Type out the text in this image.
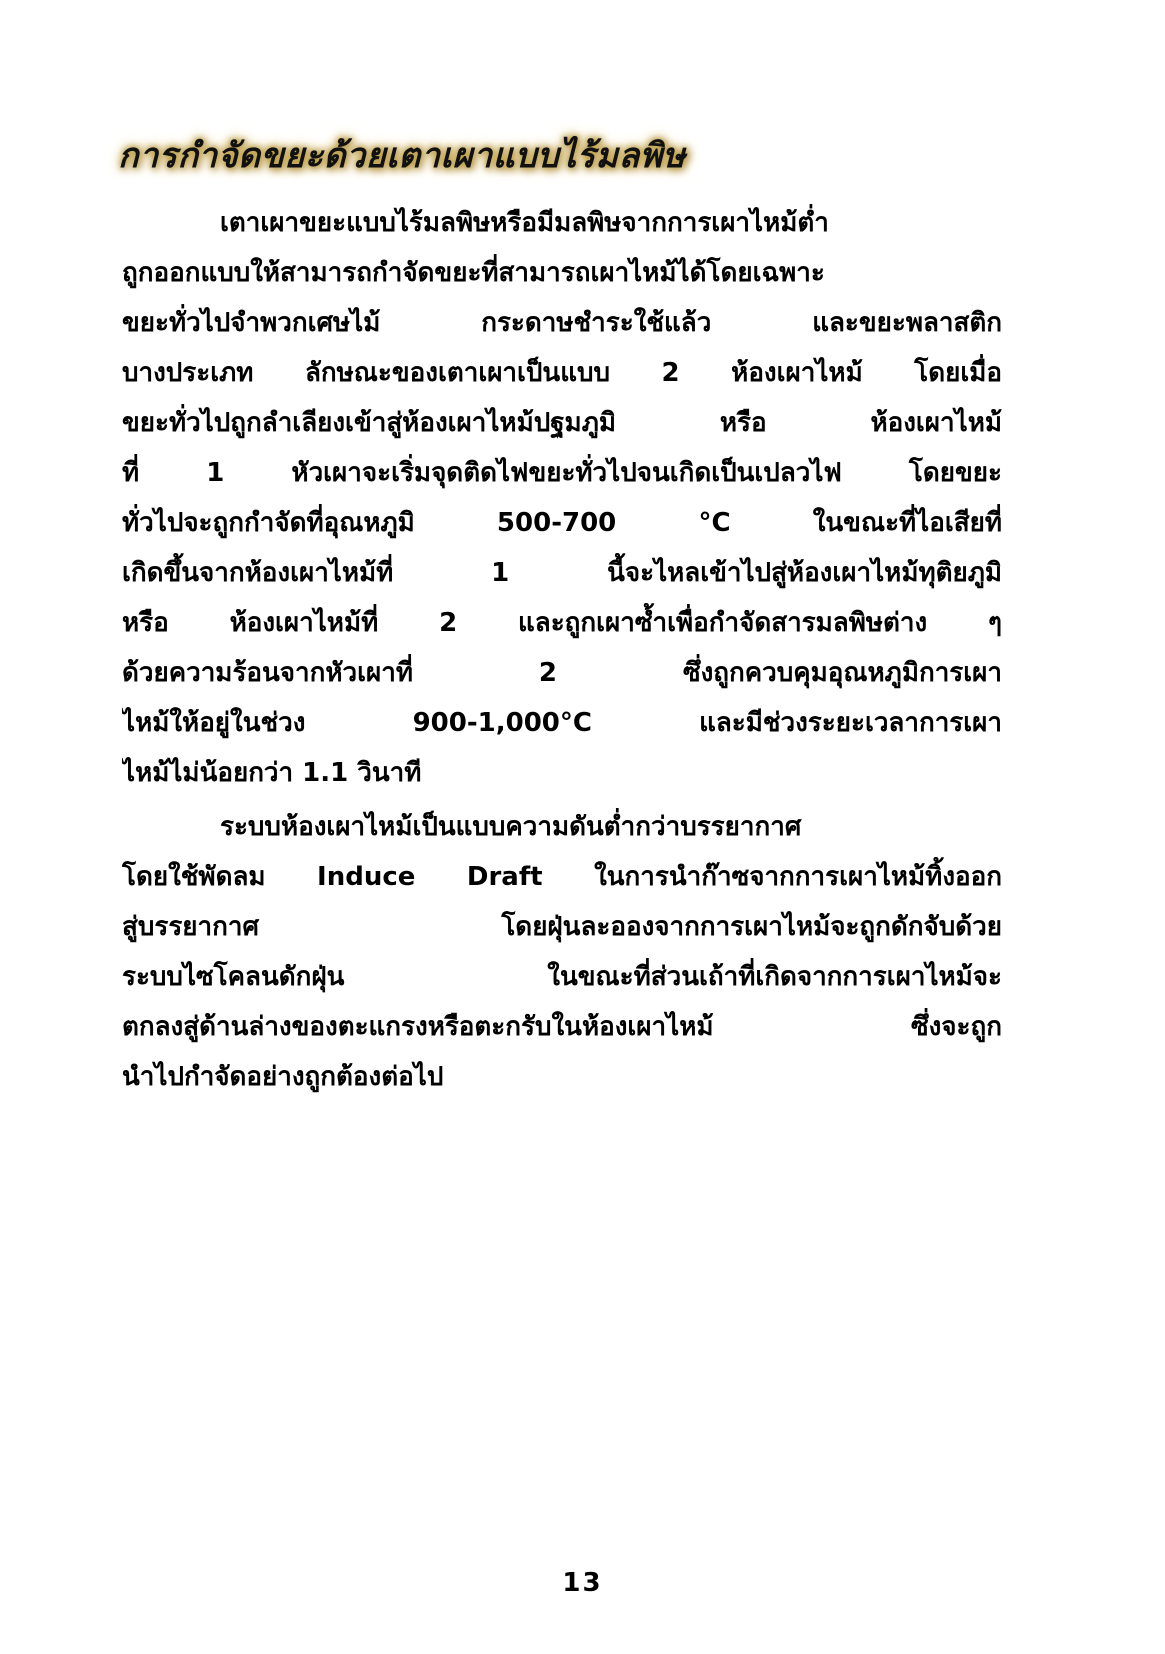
การกำจัดขยะด้วยเตาเผาแบบไร้มลพิษ
เตาเผาขยะแบบไร้มลพิษหรือมีมลพิษจากการเผาไหม้ต่ำ
ถูกออกแบบให้สามารถกำจัดขยะที่สามารถเผาไหม้ได้โดยเฉพาะ
ขยะทั่วไปจำพวกเศษไม้ กระดาษชำระใช้แล้ว และขยะพลาสติก
บางประเภท ลักษณะของเตาเผาเป็นแบบ 2 ห้องเผาไหม้ โดยเมื่อ
ขยะทั่วไปถูกลำเลียงเข้าสู่ห้องเผาไหม้ปฐมภูมิ หรือ ห้องเผาไหม้
ที่ 1 หัวเผาจะเริ่มจุดติดไฟขยะทั่วไปจนเกิดเป็นเปลวไฟ โดยขยะ
ทั่วไปจะถูกกำจัดที่อุณหภูมิ 500-700 °C ในขณะที่ไอเสียที่
เกิดขึ้นจากห้องเผาไหม้ที่ 1 นี้จะไหลเข้าไปสู่ห้องเผาไหม้ทุติยภูมิ
หรือ ห้องเผาไหม้ที่ 2 และถูกเผาซ้ำเพื่อกำจัดสารมลพิษต่าง ๆ
ด้วยความร้อนจากหัวเผาที่ 2 ซึ่งถูกควบคุมอุณหภูมิการเผา
ไหม้ให้อยู่ในช่วง 900-1,000°C และมีช่วงระยะเวลาการเผา
ไหม้ไม่น้อยกว่า 1.1 วินาที
ระบบห้องเผาไหม้เป็นแบบความดันต่ำกว่าบรรยากาศ
โดยใช้พัดลม Induce Draft ในการนำก๊าซจากการเผาไหม้ทิ้งออก
สู่บรรยากาศ โดยฝุ่นละอองจากการเผาไหม้จะถูกดักจับด้วย
ระบบไซโคลนดักฝุ่น ในขณะที่ส่วนเถ้าที่เกิดจากการเผาไหม้จะ
ตกลงสู่ด้านล่างของตะแกรงหรือตะกรับในห้องเผาไหม้ ซึ่งจะถูก
นำไปกำจัดอย่างถูกต้องต่อไป
13
